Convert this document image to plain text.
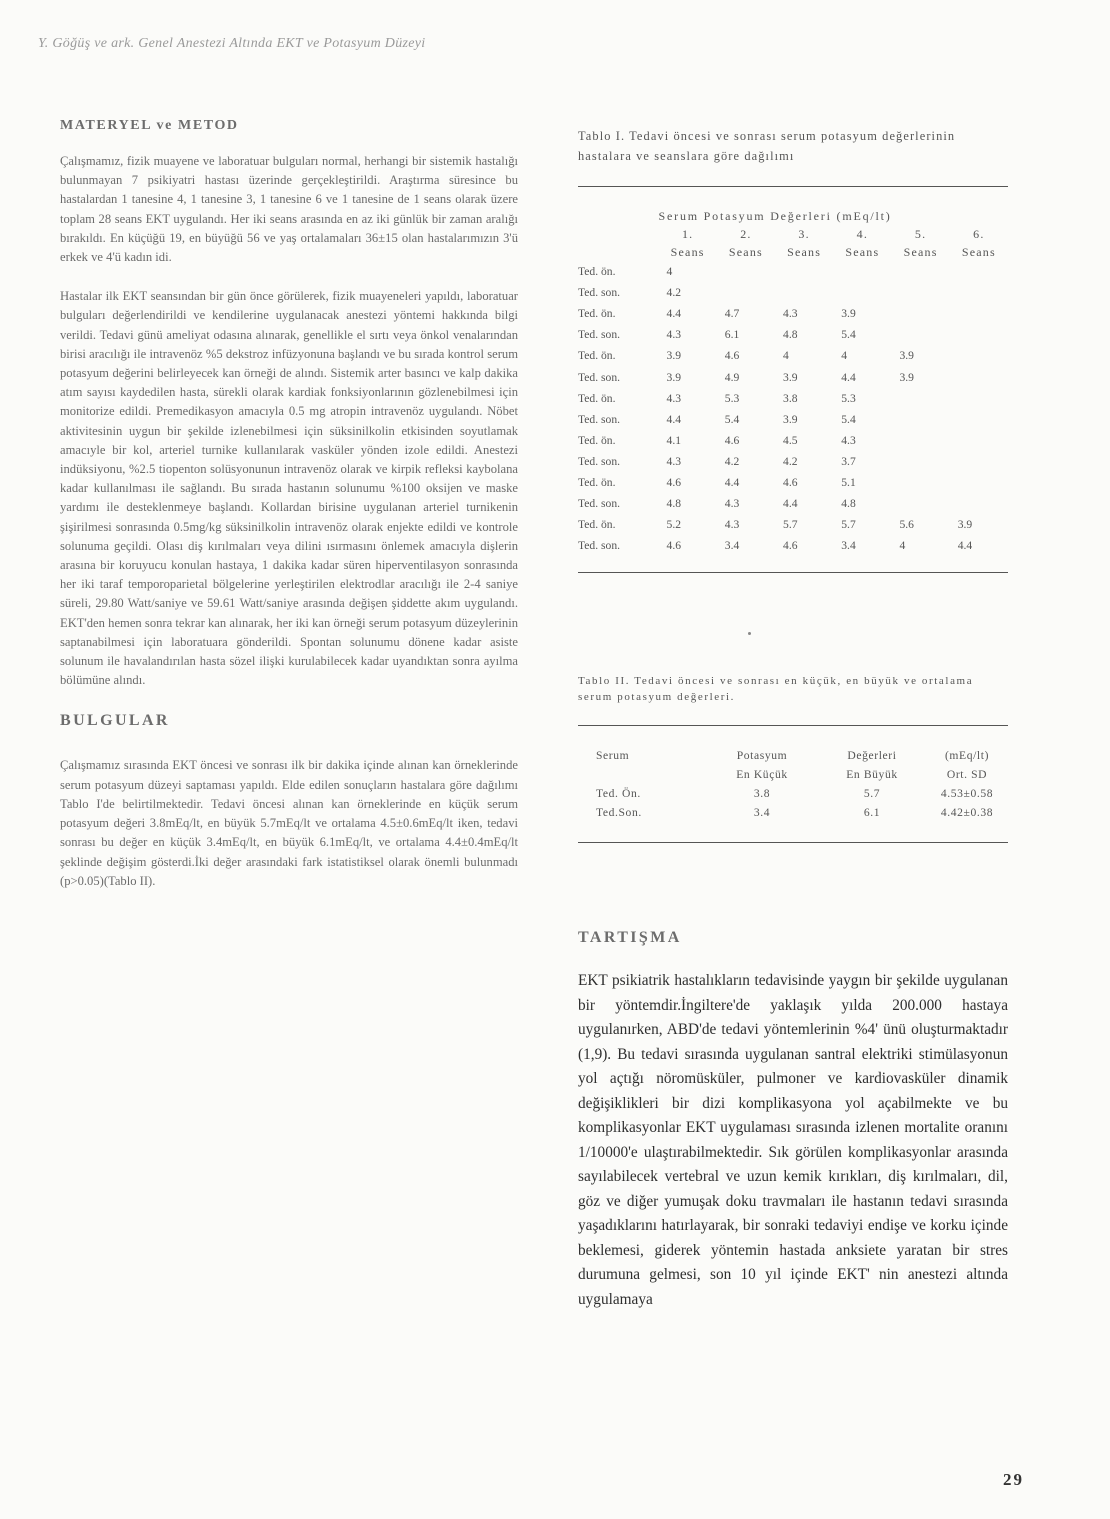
Y. Göğüş ve ark. Genel Anestezi Altında EKT ve Potasyum Düzeyi
MATERYEL ve METOD

Çalışmamız, fizik muayene ve laboratuar bulguları normal, herhangi bir sistemik hastalığı bulunmayan 7 psikiyatri hastası üzerinde gerçekleştirildi. Araştırma süresince bu hastalardan 1 tanesine 4, 1 tanesine 3, 1 tanesine 6 ve 1 tanesine de 1 seans olarak üzere toplam 28 seans EKT uygulandı. Her iki seans arasında en az iki günlük bir zaman aralığı bırakıldı. En küçüğü 19, en büyüğü 56 ve yaş ortalamaları 36±15 olan hastalarımızın 3'ü erkek ve 4'ü kadın idi.

Hastalar ilk EKT seansından bir gün önce görülerek, fizik muayeneleri yapıldı, laboratuar bulguları değerlendirildi ve kendilerine uygulanacak anestezi yöntemi hakkında bilgi verildi. Tedavi günü ameliyat odasına alınarak, genellikle el sırtı veya önkol venalarından birisi aracılığı ile intravenöz %5 dekstroz infüzyonuna başlandı ve bu sırada kontrol serum potasyum değerini belirleyecek kan örneği de alındı. Sistemik arter basıncı ve kalp dakika atım sayısı kaydedilen hasta, sürekli olarak kardiak fonksiyonlarının gözlenebilmesi için monitorize edildi. Premedikasyon amacıyla 0.5 mg atropin intravenöz uygulandı. Nöbet aktivitesinin uygun bir şekilde izlenebilmesi için süksinilkolin etkisinden soyutlamak amacıyle bir kol, arteriel turnike kullanılarak vasküler yönden izole edildi. Anestezi indüksiyonu, %2.5 tiopenton solüsyonunun intravenöz olarak ve kirpik refleksi kaybolana kadar kullanılması ile sağlandı. Bu sırada hastanın solunumu %100 oksijen ve maske yardımı ile desteklenmeye başlandı. Kollardan birisine uygulanan arteriel turnikenin şişirilmesi sonrasında 0.5mg/kg süksinilkolin intravenöz olarak enjekte edildi ve kontrole solunuma geçildi. Olası diş kırılmaları veya dilini ısırmasını önlemek amacıyla dişlerin arasına bir koruyucu konulan hastaya, 1 dakika kadar süren hiperventilasyon sonrasında her iki taraf temporoparietal bölgelerine yerleştirilen elektrodlar aracılığı ile 2-4 saniye süreli, 29.80 Watt/saniye ve 59.61 Watt/saniye arasında değişen şiddette akım uygulandı. EKT'den hemen sonra tekrar kan alınarak, her iki kan örneği serum potasyum düzeylerinin saptanabilmesi için laboratuara gönderildi. Spontan solunumu dönene kadar asiste solunum ile havalandırılan hasta sözel ilişki kurulabilecek kadar uyandıktan sonra ayılma bölümüne alındı.

BULGULAR

Çalışmamız sırasında EKT öncesi ve sonrası ilk bir dakika içinde alınan kan örneklerinde serum potasyum düzeyi saptaması yapıldı. Elde edilen sonuçların hastalara göre dağılımı Tablo I'de belirtilmektedir. Tedavi öncesi alınan kan örneklerinde en küçük serum potasyum değeri 3.8mEq/lt, en büyük 5.7mEq/lt ve ortalama 4.5±0.6mEq/lt iken, tedavi sonrası bu değer en küçük 3.4mEq/lt, en büyük 6.1mEq/lt, ve ortalama 4.4±0.4mEq/lt şeklinde değişim gösterdi.İki değer arasındaki fark istatistiksel olarak önemli bulunmadı (p>0.05)(Tablo II).

Tablo I. Tedavi öncesi ve sonrası serum potasyum değerlerinin hastalara ve seanslara göre dağılımı

	Serum Potasyum Değerleri (mEq/lt)					
	1.	2.	3.	4.	5.	6.
	Seans	Seans	Seans	Seans	Seans	Seans
Ted. ön.	4					
Ted. son.	4.2					
Ted. ön.	4.4	4.7	4.3	3.9		
Ted. son.	4.3	6.1	4.8	5.4		
Ted. ön.	3.9	4.6	4	4	3.9	
Ted. son.	3.9	4.9	3.9	4.4	3.9	
Ted. ön.	4.3	5.3	3.8	5.3		
Ted. son.	4.4	5.4	3.9	5.4		
Ted. ön.	4.1	4.6	4.5	4.3		
Ted. son.	4.3	4.2	4.2	3.7		
Ted. ön.	4.6	4.4	4.6	5.1		
Ted. son.	4.8	4.3	4.4	4.8		
Ted. ön.	5.2	4.3	5.7	5.7	5.6	3.9
Ted. son.	4.6	3.4	4.6	3.4	4	4.4

Tablo II. Tedavi öncesi ve sonrası en küçük, en büyük ve ortalama serum potasyum değerleri.

Serum	Potasyum	Değerleri	(mEq/lt)
	En Küçük	En Büyük	Ort. SD
Ted. Ön.	3.8	5.7	4.53±0.58
Ted.Son.	3.4	6.1	4.42±0.38
TARTIŞMA

EKT psikiatrik hastalıkların tedavisinde yaygın bir şekilde uygulanan bir yöntemdir.İngiltere'de yaklaşık yılda 200.000 hastaya uygulanırken, ABD'de tedavi yöntemlerinin %4' ünü oluşturmaktadır (1,9). Bu tedavi sırasında uygulanan santral elektriki stimülasyonun yol açtığı nöromüsküler, pulmoner ve kardiovasküler dinamik değişiklikleri bir dizi komplikasyona yol açabilmekte ve bu komplikasyonlar EKT uygulaması sırasında izlenen mortalite oranını 1/10000'e ulaştırabilmektedir. Sık görülen komplikasyonlar arasında sayılabilecek vertebral ve uzun kemik kırıkları, diş kırılmaları, dil, göz ve diğer yumuşak doku travmaları ile hastanın tedavi sırasında yaşadıklarını hatırlayarak, bir sonraki tedaviyi endişe ve korku içinde beklemesi, giderek yöntemin hastada anksiete yaratan bir stres durumuna gelmesi, son 10 yıl içinde EKT' nin anestezi altında uygulamaya

29
